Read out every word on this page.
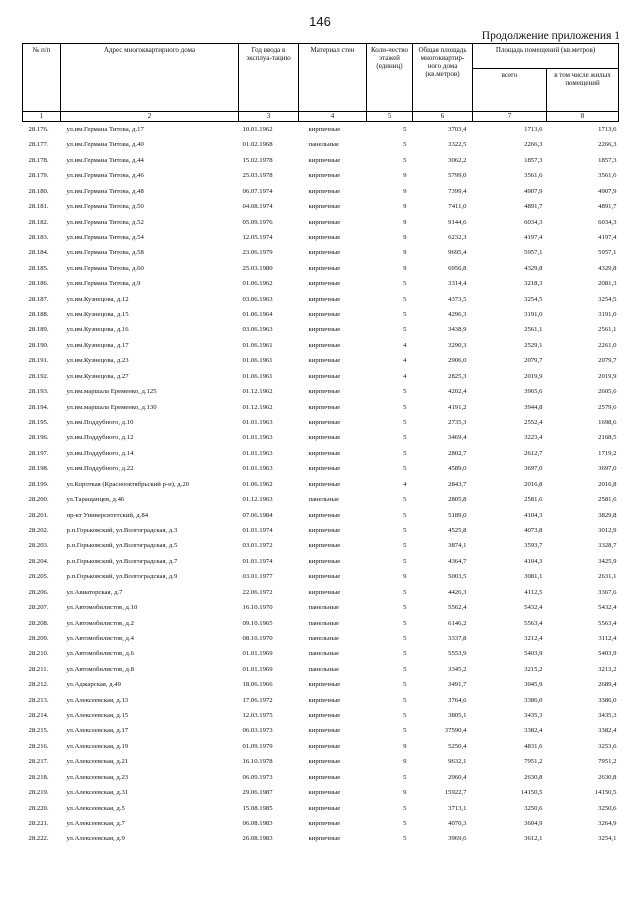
146
Продолжение приложения 1
№ п/п	Адрес многоквартирного дома	Год ввода в эксплуа-тацию	Материал стен	Коли-чество этажей (единиц)	Общая площадь многоквартир-ного дома (кв.метров)	Площадь помещений (кв.метров)	
						всего	в том числе жилых помещений
1	2	3	4	5	6	7	8
28.176.	ул.им.Германа Титова, д.17	10.01.1962	кирпичные	5	3703,4	1713,6	1713,6
28.177.	ул.им.Германа Титова, д.40	01.02.1968	панельные	5	3322,5	2266,3	2266,3
28.178.	ул.им.Германа Титова, д.44	15.02.1978	кирпичные	5	3062,2	1857,3	1857,3
28.179.	ул.им.Германа Титова, д.46	25.03.1978	кирпичные	9	5799,0	3561,6	3561,6
28.180.	ул.им.Германа Титова, д.48	06.07.1974	кирпичные	9	7399,4	4907,9	4907,9
28.181.	ул.им.Германа Титова, д.50	04.08.1974	кирпичные	9	7411,0	4891,7	4891,7
28.182.	ул.им.Германа Титова, д.52	05.09.1976	кирпичные	9	9144,6	6034,3	6034,3
28.183.	ул.им.Германа Титова, д.54	12.05.1974	кирпичные	9	6232,3	4197,4	4197,4
28.184.	ул.им.Германа Титова, д.58	23.06.1979	кирпичные	9	9695,4	5957,1	5957,1
28.185.	ул.им.Германа Титова, д.60	25.03.1980	кирпичные	9	6956,8	4329,8	4329,8
28.186.	ул.им.Германа Титова, д.9	01.06.1962	кирпичные	5	3314,4	3218,3	2081,3
28.187.	ул.им.Кузнецова, д.12	03.06.1963	кирпичные	5	4373,5	3254,5	3254,5
28.188.	ул.им.Кузнецова, д.15	01.06.1964	кирпичные	5	4296,3	3191,0	3191,0
28.189.	ул.им.Кузнецова, д.16	03.06.1963	кирпичные	5	3438,9	2561,1	2561,1
28.190.	ул.им.Кузнецова, д.17	01.06.1961	кирпичные	4	3290,3	2529,1	2261,0
28.191.	ул.им.Кузнецова, д.23	01.06.1961	кирпичные	4	2906,0	2079,7	2079,7
28.192.	ул.им.Кузнецова, д.27	01.06.1961	кирпичные	4	2825,3	2019,9	2019,9
28.193.	ул.им.маршала Еременко, д.125	01.12.1962	кирпичные	5	4202,4	3965,6	2605,6
28.194.	ул.им.маршала Еременко, д.130	01.12.1962	кирпичные	5	4191,2	3944,8	2579,6
28.195.	ул.им.Поддубного, д.10	01.01.1963	кирпичные	5	2735,3	2552,4	1698,6
28.196.	ул.им.Поддубного, д.12	01.01.1963	кирпичные	5	3469,4	3223,4	2168,5
28.197.	ул.им.Поддубного, д.14	01.01.1963	кирпичные	5	2802,7	2612,7	1719,2
28.198.	ул.им.Поддубного, д.22	01.01.1963	кирпичные	5	4589,0	3697,0	3697,0
28.199.	ул.Короткая (Красноoктябрьский р-н), д.20	01.06.1962	кирпичные	4	2843,7	2016,8	2016,8
28.200.	ул.Таращанцев, д.46	01.12.1963	панельные	5	2805,8	2581,6	2581,6
28.201.	пр-кт Университетский, д.84	07.06.1984	кирпичные	5	5189,0	4104,3	3829,8
28.202.	р.п.Горьковский, ул.Волгоградская, д.3	01.01.1974	кирпичные	5	4525,8	4073,8	3012,9
28.203.	р.п.Горьковский, ул.Волгоградская, д.5	03.01.1972	кирпичные	5	3874,1	3593,7	3328,7
28.204.	р.п.Горьковский, ул.Волгоградская, д.7	01.01.1974	кирпичные	5	4364,7	4104,3	3425,9
28.205.	р.п.Горьковский, ул.Волгоградская, д.9	03.01.1977	кирпичные	9	5003,5	3081,1	2631,1
28.206.	ул.Авиаторская, д.7	22.06.1972	кирпичные	5	4426,3	4112,5	3367,6
28.207.	ул.Автомобилистов, д.10	16.10.1970	панельные	5	5562,4	5432,4	5432,4
28.208.	ул.Автомобилистов, д.2	09.10.1965	панельные	5	6146,2	5563,4	5563,4
28.209.	ул.Автомобилистов, д.4	08.10.1970	панельные	5	3337,8	3212,4	3112,4
28.210.	ул.Автомобилистов, д.6	01.01.1969	панельные	5	5553,9	5403,9	5403,9
28.211.	ул.Автомобилистов, д.8	01.01.1969	панельные	5	3345,2	3215,2	3213,2
28.212.	ул.Аджарская, д.49	18.06.1966	кирпичные	5	3491,7	3045,9	2689,4
28.213.	ул.Алексеевская, д.13	17.06.1972	кирпичные	5	3764,6	3386,0	3386,0
28.214.	ул.Алексеевская, д.15	12.03.1975	кирпичные	5	3805,1	3435,3	3435,3
28.215.	ул.Алексеевская, д.17	06.03.1973	кирпичные	5	37590,4	3382,4	3382,4
28.216.	ул.Алексеевская, д.19	01.09.1979	кирпичные	9	5250,4	4831,6	3253,6
28.217.	ул.Алексеевская, д.21	16.10.1978	кирпичные	9	9632,1	7951,2	7951,2
28.218.	ул.Алексеевская, д.23	06.09.1973	кирпичные	5	2960,4	2630,8	2630,8
28.219.	ул.Алексеевская, д.31	29.06.1987	кирпичные	9	15922,7	14150,5	14150,5
28.220.	ул.Алексеевская, д.5	15.08.1985	кирпичные	5	3713,1	3250,6	3250,6
28.221.	ул.Алексеевская, д.7	06.08.1983	кирпичные	5	4070,3	3604,9	3264,9
28.222.	ул.Алексеевская, д.9	26.08.1983	кирпичные	5	3969,6	3612,1	3254,1
